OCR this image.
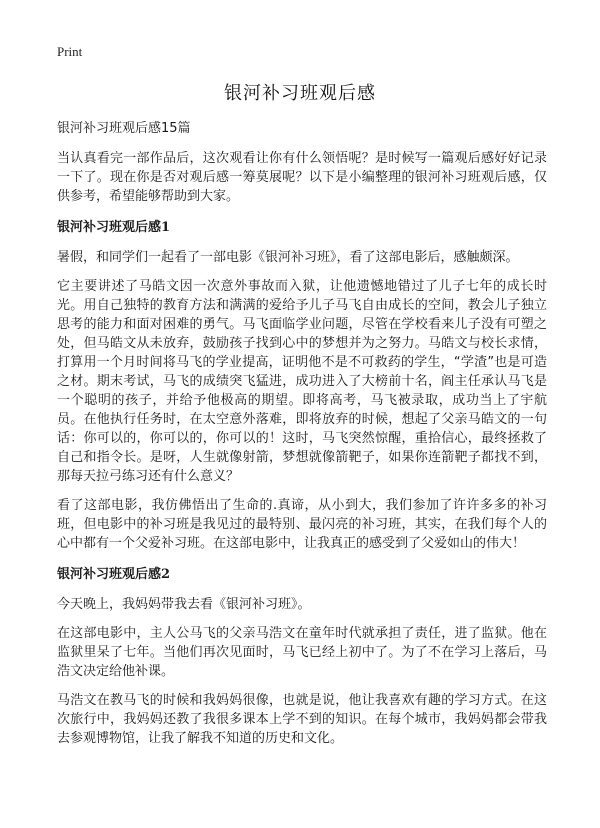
Print
银河补习班观后感
银河补习班观后感15篇

当认真看完一部作品后，这次观看让你有什么领悟呢？是时候写一篇观后感好好记录一下了。现在你是否对观后感一筹莫展呢？以下是小编整理的银河补习班观后感，仅供参考，希望能够帮助到大家。

银河补习班观后感1

暑假，和同学们一起看了一部电影《银河补习班》，看了这部电影后，感触颇深。

它主要讲述了马皓文因一次意外事故而入狱，让他遗憾地错过了儿子七年的成长时光。用自己独特的教育方法和满满的爱给予儿子马飞自由成长的空间，教会儿子独立思考的能力和面对困难的勇气。马飞面临学业问题，尽管在学校看来儿子没有可塑之处，但马皓文从未放弃，鼓励孩子找到心中的梦想并为之努力。马皓文与校长求情，打算用一个月时间将马飞的学业提高，证明他不是不可救药的学生，“学渣”也是可造之材。期末考试，马飞的成绩突飞猛进，成功进入了大榜前十名，阎主任承认马飞是一个聪明的孩子，并给予他极高的期望。即将高考，马飞被录取，成功当上了宇航员。在他执行任务时，在太空意外落难，即将放弃的时候，想起了父亲马皓文的一句话：你可以的，你可以的，你可以的！这时，马飞突然惊醒，重拾信心，最终拯救了自己和指令长。是呀，人生就像射箭，梦想就像箭靶子，如果你连箭靶子都找不到，那每天拉弓练习还有什么意义？

看了这部电影，我仿佛悟出了生命的.真谛，从小到大，我们参加了许许多多的补习班，但电影中的补习班是我见过的最特别、最闪亮的补习班，其实，在我们每个人的心中都有一个父爱补习班。在这部电影中，让我真正的感受到了父爱如山的伟大！

银河补习班观后感2

今天晚上，我妈妈带我去看《银河补习班》。

在这部电影中，主人公马飞的父亲马浩文在童年时代就承担了责任，进了监狱。他在监狱里呆了七年。当他们再次见面时，马飞已经上初中了。为了不在学习上落后，马浩文决定给他补课。

马浩文在教马飞的时候和我妈妈很像，也就是说，他让我喜欢有趣的学习方式。在这次旅行中，我妈妈还教了我很多课本上学不到的知识。在每个城市，我妈妈都会带我去参观博物馆，让我了解我不知道的历史和文化。
